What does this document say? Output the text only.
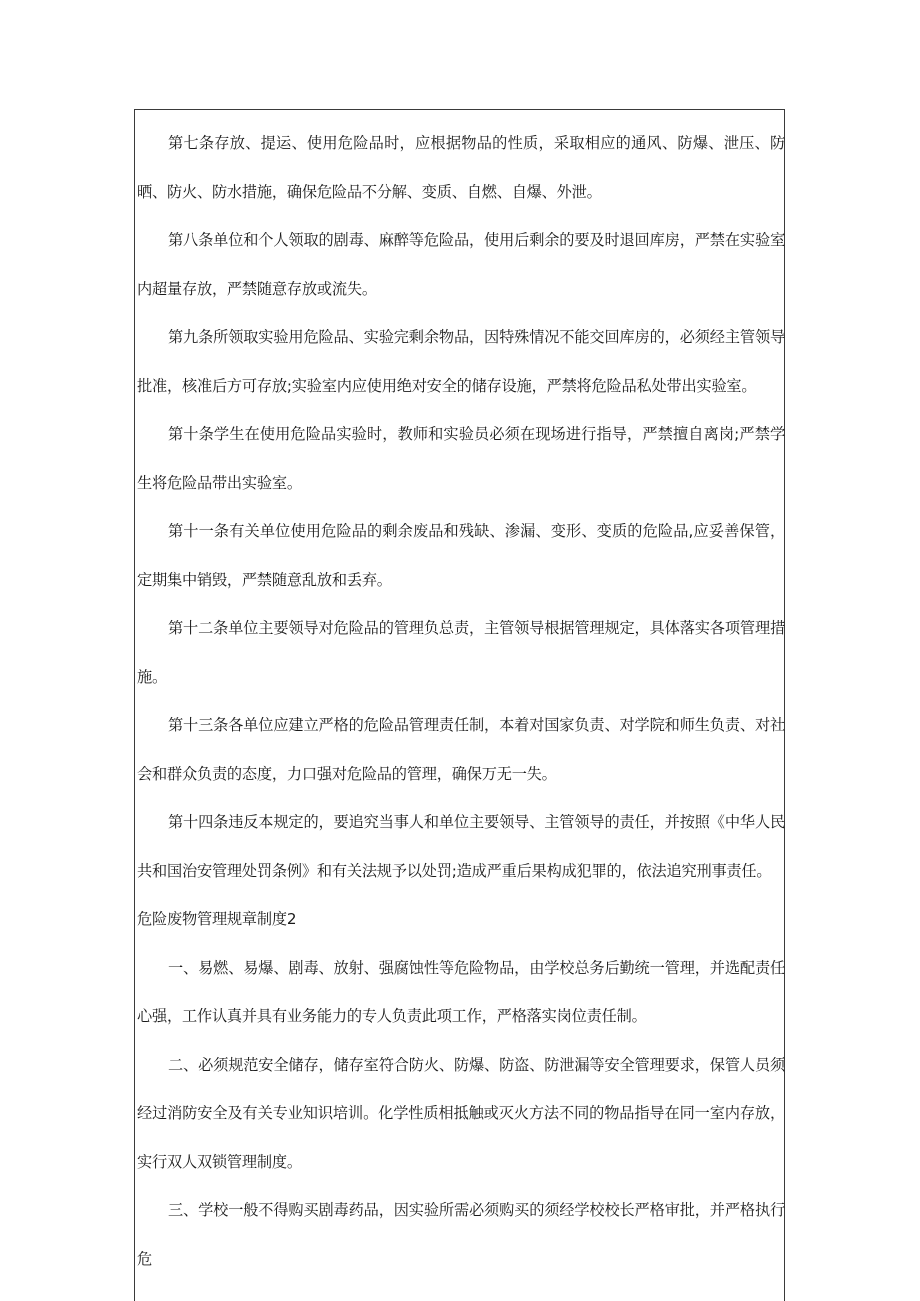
第七条存放、提运、使用危险品时，应根据物品的性质，采取相应的通风、防爆、泄压、防晒、防火、防水措施，确保危险品不分解、变质、自燃、自爆、外泄。

第八条单位和个人领取的剧毒、麻醉等危险品，使用后剩余的要及时退回库房，严禁在实验室内超量存放，严禁随意存放或流失。

第九条所领取实验用危险品、实验完剩余物品，因特殊情况不能交回库房的，必须经主管领导批准，核准后方可存放;实验室内应使用绝对安全的储存设施，严禁将危险品私处带出实验室。

第十条学生在使用危险品实验时，教师和实验员必须在现场进行指导，严禁擅自离岗;严禁学生将危险品带出实验室。

第十一条有关单位使用危险品的剩余废品和残缺、渗漏、变形、变质的危险品,应妥善保管，定期集中销毁，严禁随意乱放和丢弃。

第十二条单位主要领导对危险品的管理负总责，主管领导根据管理规定，具体落实各项管理措施。

第十三条各单位应建立严格的危险品管理责任制，本着对国家负责、对学院和师生负责、对社会和群众负责的态度，力口强对危险品的管理，确保万无一失。

第十四条违反本规定的，要追究当事人和单位主要领导、主管领导的责任，并按照《中华人民共和国治安管理处罚条例》和有关法规予以处罚;造成严重后果构成犯罪的，依法追究刑事责任。

危险废物管理规章制度2

一、易燃、易爆、剧毒、放射、强腐蚀性等危险物品，由学校总务后勤统一管理，并选配责任心强，工作认真并具有业务能力的专人负责此项工作，严格落实岗位责任制。

二、必须规范安全储存，储存室符合防火、防爆、防盗、防泄漏等安全管理要求，保管人员须经过消防安全及有关专业知识培训。化学性质相抵触或灭火方法不同的物品指导在同一室内存放，实行双人双锁管理制度。

三、学校一般不得购买剧毒药品，因实验所需必须购买的须经学校校长严格审批，并严格执行危
